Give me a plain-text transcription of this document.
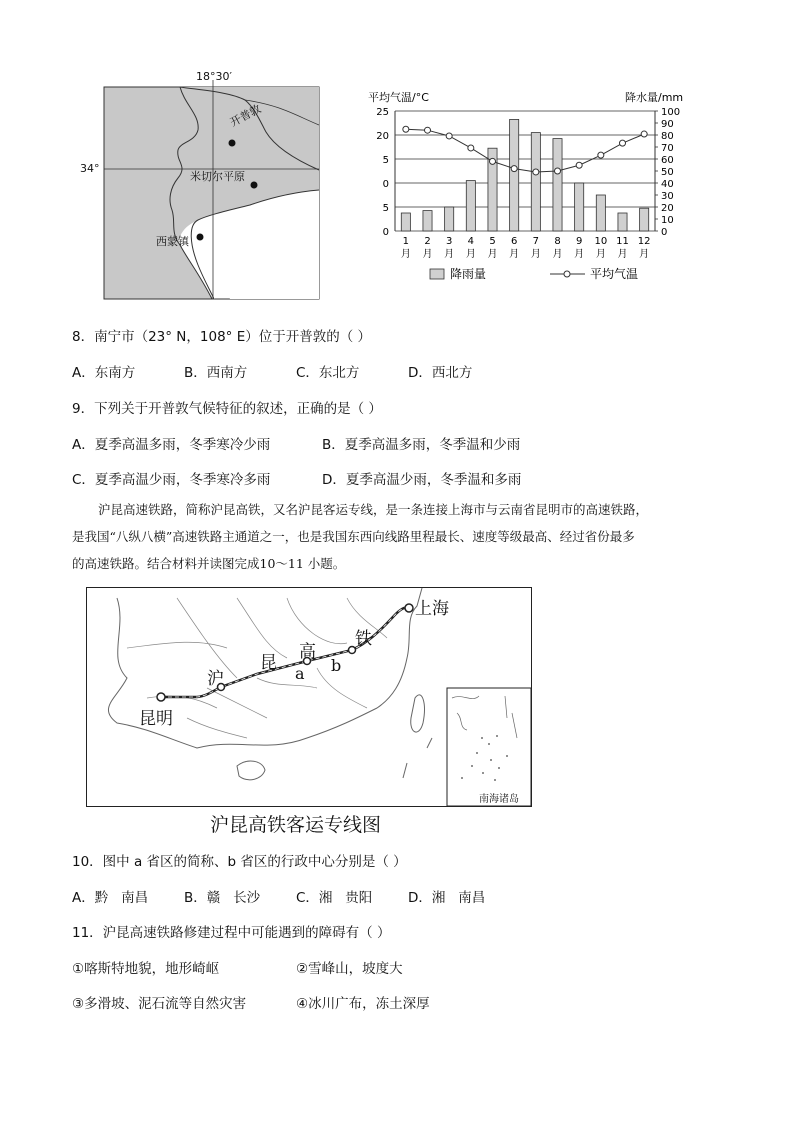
18°30′
34°
开普敦
米切尔平原
西蒙镇
平均气温/°C	降水量/mm
0
5
0
5
20
25
0
10
20
30
40
50
60
70
80
90
100
1
月
2
月
3
月
4
月
5
月
6
月
7
月
8
月
9
月
10
月
11
月
12
月
降雨量	平均气温
8．南宁市（23° N，108° E）位于开普敦的（ ）
A．东南方	B．西南方	C．东北方	D．西北方
9．下列关于开普敦气候特征的叙述，正确的是（ ）
A．夏季高温多雨，冬季寒冷少雨	B．夏季高温多雨，冬季温和少雨
C．夏季高温少雨，冬季寒冷多雨	D．夏季高温少雨，冬季温和多雨
沪昆高速铁路，简称沪昆高铁，又名沪昆客运专线，是一条连接上海市与云南省昆明市的高速铁路，
是我国“八纵八横”高速铁路主通道之一，也是我国东西向线路里程最长、速度等级最高、经过省份最多
的高速铁路。结合材料并读图完成10～11 小题。
上海
昆明
沪
昆
高
铁
a b
南海诸岛
沪昆高铁客运专线图
10．图中 a 省区的简称、b 省区的行政中心分别是（ ）
A．黔   南昌	B．赣   长沙	C．湘   贵阳	D．湘   南昌
11．沪昆高速铁路修建过程中可能遇到的障碍有（ ）
①喀斯特地貌，地形崎岖	②雪峰山，坡度大
③多滑坡、泥石流等自然灾害	④冰川广布，冻土深厚
